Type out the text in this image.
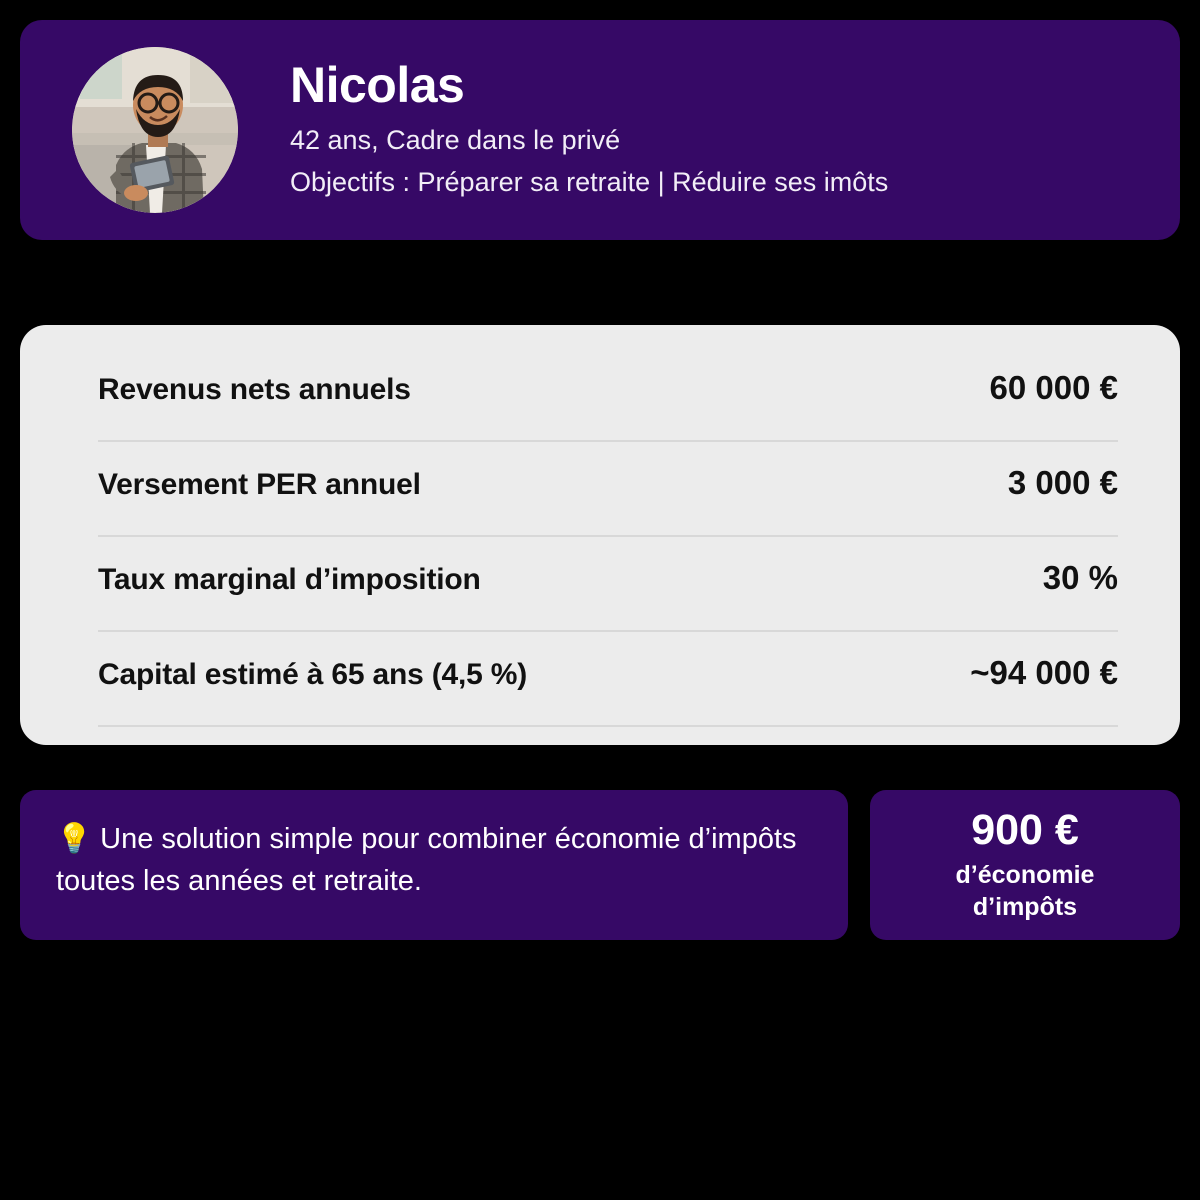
Nicolas
42 ans, Cadre dans le privé
Objectifs : Préparer sa retraite | Réduire ses imôts
Revenus nets annuels	60 000 €
Versement PER annuel	3 000 €
Taux marginal d’imposition	30 %
Capital estimé à 65 ans (4,5 %)	~94 000 €
💡 Une solution simple pour combiner économie d’impôts toutes les années et retraite.
900 €
d’économie
d’impôts
